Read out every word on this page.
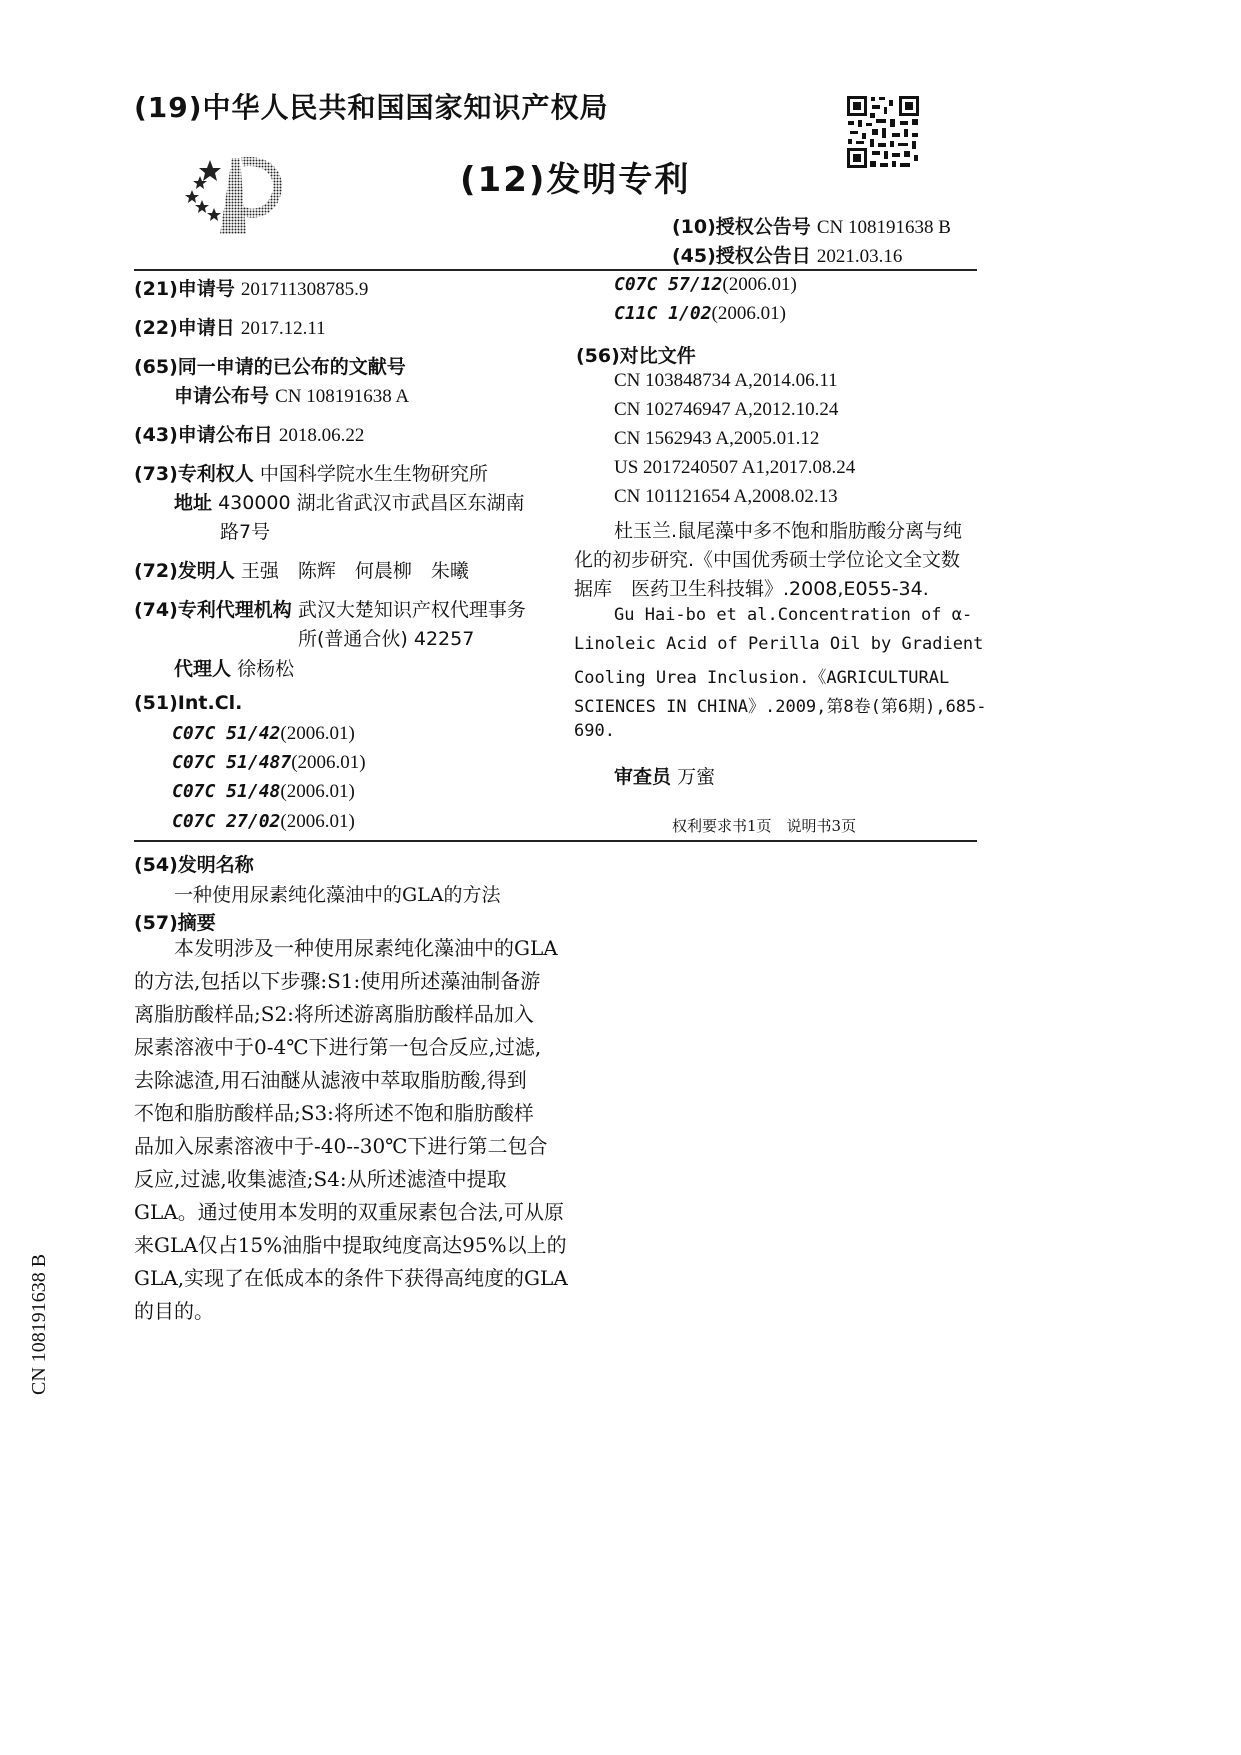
(19)中华人民共和国国家知识产权局
(12)发明专利
(10)授权公告号 CN 108191638 B
(45)授权公告日 2021.03.16
(21)申请号 201711308785.9
(22)申请日 2017.12.11
(65)同一申请的已公布的文献号
申请公布号 CN 108191638 A
(43)申请公布日 2018.06.22
(73)专利权人 中国科学院水生生物研究所
地址 430000 湖北省武汉市武昌区东湖南
路7号
(72)发明人 王强　陈辉　何晨柳　朱曦
(74)专利代理机构 武汉大楚知识产权代理事务
所(普通合伙) 42257
代理人 徐杨松
(51)Int.Cl.
C07C 51/42(2006.01)
C07C 51/487(2006.01)
C07C 51/48(2006.01)
C07C 27/02(2006.01)
C07C 57/12(2006.01)
C11C 1/02(2006.01)
(56)对比文件
CN 103848734 A,2014.06.11
CN 102746947 A,2012.10.24
CN 1562943 A,2005.01.12
US 2017240507 A1,2017.08.24
CN 101121654 A,2008.02.13
杜玉兰.鼠尾藻中多不饱和脂肪酸分离与纯
化的初步研究.《中国优秀硕士学位论文全文数
据库　医药卫生科技辑》.2008,E055-34.
Gu Hai-bo et al.Concentration of α-
Linoleic Acid of Perilla Oil by Gradient
Cooling Urea Inclusion.《AGRICULTURAL
SCIENCES IN CHINA》.2009,第8卷(第6期),685-
690.
审查员 万蜜
权利要求书1页　说明书3页
(54)发明名称
一种使用尿素纯化藻油中的GLA的方法
(57)摘要
本发明涉及一种使用尿素纯化藻油中的GLA
的方法,包括以下步骤:S1:使用所述藻油制备游
离脂肪酸样品;S2:将所述游离脂肪酸样品加入
尿素溶液中于0-4℃下进行第一包合反应,过滤,
去除滤渣,用石油醚从滤液中萃取脂肪酸,得到
不饱和脂肪酸样品;S3:将所述不饱和脂肪酸样
品加入尿素溶液中于-40--30℃下进行第二包合
反应,过滤,收集滤渣;S4:从所述滤渣中提取
GLA。通过使用本发明的双重尿素包合法,可从原
来GLA仅占15%油脂中提取纯度高达95%以上的
GLA,实现了在低成本的条件下获得高纯度的GLA
的目的。
CN 108191638 B
